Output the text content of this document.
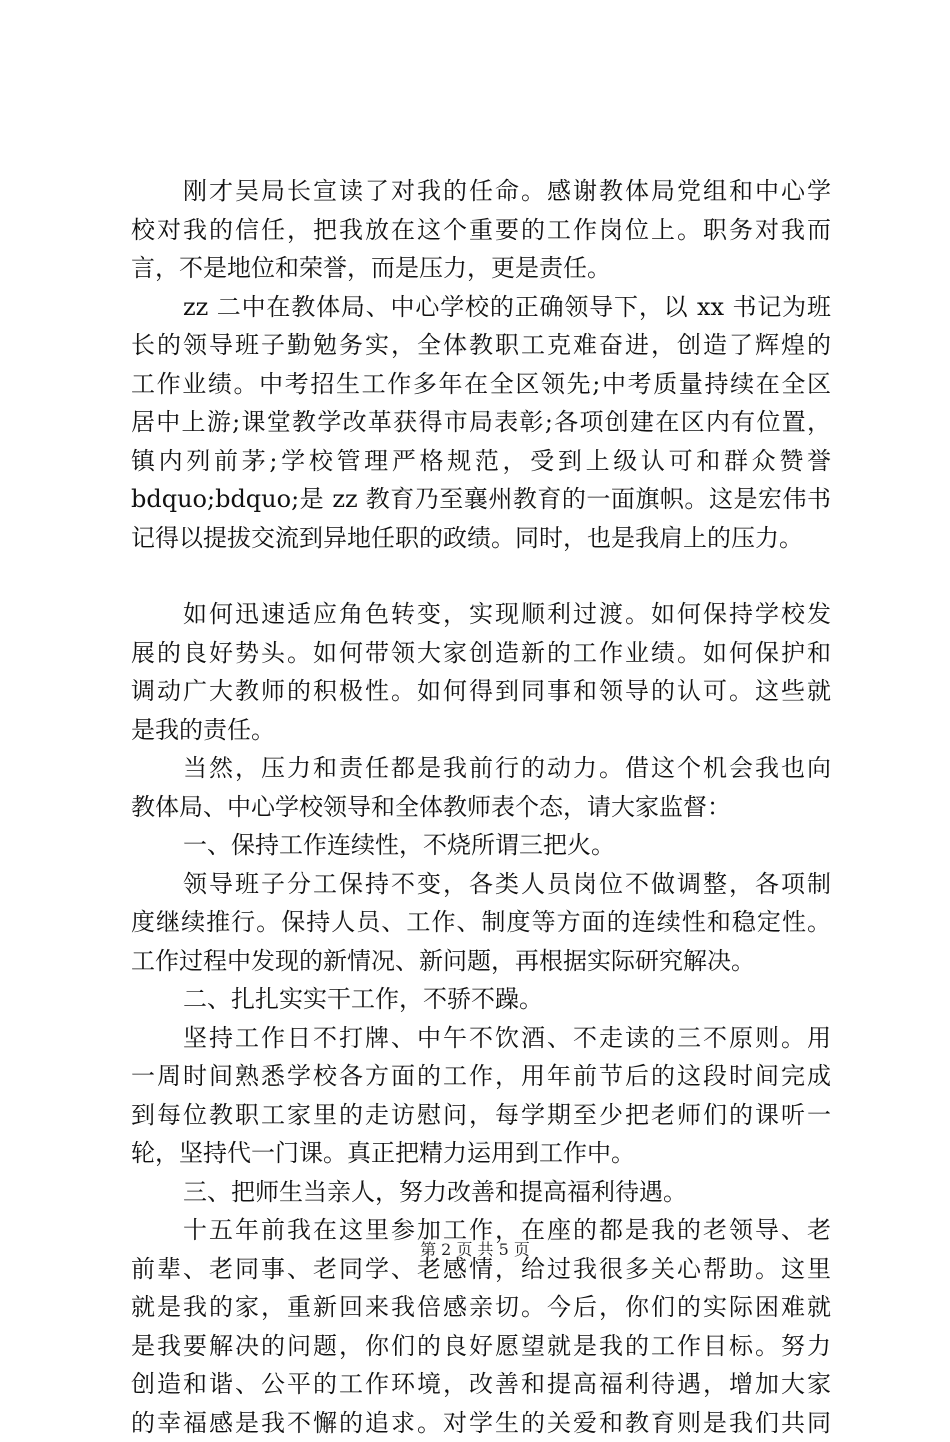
刚才吴局长宣读了对我的任命。感谢教体局党组和中心学
校对我的信任，把我放在这个重要的工作岗位上。职务对我而
言，不是地位和荣誉，而是压力，更是责任。
zz 二中在教体局、中心学校的正确领导下，以 xx 书记为班
长的领导班子勤勉务实，全体教职工克难奋进，创造了辉煌的
工作业绩。中考招生工作多年在全区领先;中考质量持续在全区
居中上游;课堂教学改革获得市局表彰;各项创建在区内有位置，
镇内列前茅;学校管理严格规范，受到上级认可和群众赞誉
bdquo;bdquo;是 zz 教育乃至襄州教育的一面旗帜。这是宏伟书
记得以提拔交流到异地任职的政绩。同时，也是我肩上的压力。
如何迅速适应角色转变，实现顺利过渡。如何保持学校发
展的良好势头。如何带领大家创造新的工作业绩。如何保护和
调动广大教师的积极性。如何得到同事和领导的认可。这些就
是我的责任。
当然，压力和责任都是我前行的动力。借这个机会我也向
教体局、中心学校领导和全体教师表个态，请大家监督：
一、保持工作连续性，不烧所谓三把火。
领导班子分工保持不变，各类人员岗位不做调整，各项制
度继续推行。保持人员、工作、制度等方面的连续性和稳定性。
工作过程中发现的新情况、新问题，再根据实际研究解决。
二、扎扎实实干工作，不骄不躁。
坚持工作日不打牌、中午不饮酒、不走读的三不原则。用
一周时间熟悉学校各方面的工作，用年前节后的这段时间完成
到每位教职工家里的走访慰问，每学期至少把老师们的课听一
轮，坚持代一门课。真正把精力运用到工作中。
三、把师生当亲人，努力改善和提高福利待遇。
十五年前我在这里参加工作，在座的都是我的老领导、老
前辈、老同事、老同学、老感情，给过我很多关心帮助。这里
就是我的家，重新回来我倍感亲切。今后，你们的实际困难就
是我要解决的问题，你们的良好愿望就是我的工作目标。努力
创造和谐、公平的工作环境，改善和提高福利待遇，增加大家
的幸福感是我不懈的追求。对学生的关爱和教育则是我们共同
第 2 页 共 5 页
